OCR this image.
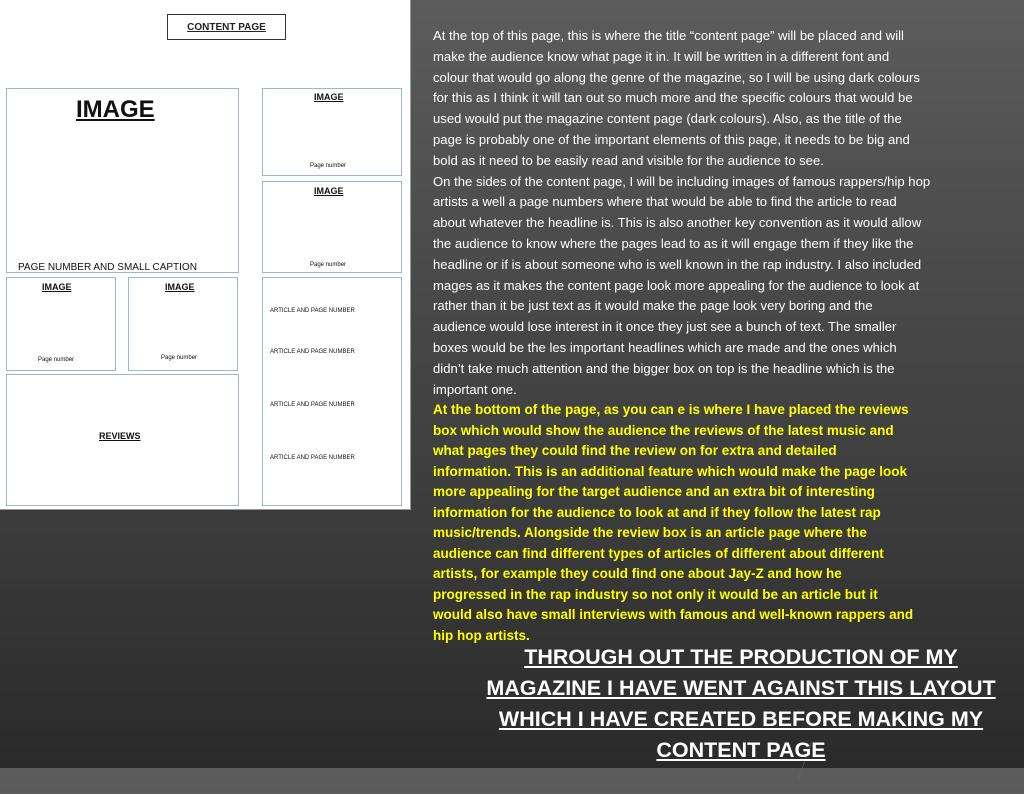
CONTENT PAGE
IMAGE
PAGE NUMBER AND SMALL CAPTION
IMAGE
Page number
IMAGE
Page number
IMAGE
Page number
IMAGE
Page number
REVIEWS
ARTICLE AND PAGE NUMBER
ARTICLE AND PAGE NUMBER
ARTICLE AND PAGE NUMBER
ARTICLE AND PAGE NUMBER

At the top of this page, this is where the title “content page” will be placed and will
make the audience know what page it in. It will be written in a different font and
colour that would go along the genre of the magazine, so I will be using dark colours
for this as I think it will tan out so much more and the specific colours that would be
used would put the magazine content page (dark colours). Also, as the title of the
page is probably one of the important elements of this page, it needs to be big and
bold as it need to be easily read and visible for the audience to see.
On the sides of the content page, I will be including images of famous rappers/hip hop
artists a well a page numbers where that would be able to find the article to read
about whatever the headline is. This is also another key convention as it would allow
the audience to know where the pages lead to as it will engage them if they like the
headline or if is about someone who is well known in the rap industry. I also included
mages as it makes the content page look more appealing for the audience to look at
rather than it be just text as it would make the page look very boring and the
audience would lose interest in it once they just see a bunch of text. The smaller
boxes would be the les important headlines which are made and the ones which
didn’t take much attention and the bigger box on top is the headline which is the
important one.

At the bottom of the page, as you can e is where I have placed the reviews
box which would show the audience the reviews of the latest music and
what pages they could find the review on for extra and detailed
information. This is an additional feature which would make the page look
more appealing for the target audience and an extra bit of interesting
information for the audience to look at and if they follow the latest rap
music/trends. Alongside the review box is an article page where the
audience can find different types of articles of different about different
artists, for example they could find one about Jay-Z and how he
progressed in the rap industry so not only it would be an article but it
would also have small interviews with famous and well-known rappers and
hip hop artists.

THROUGH OUT THE PRODUCTION OF MY
MAGAZINE I HAVE WENT AGAINST THIS LAYOUT
WHICH I HAVE CREATED BEFORE MAKING MY
CONTENT PAGE
